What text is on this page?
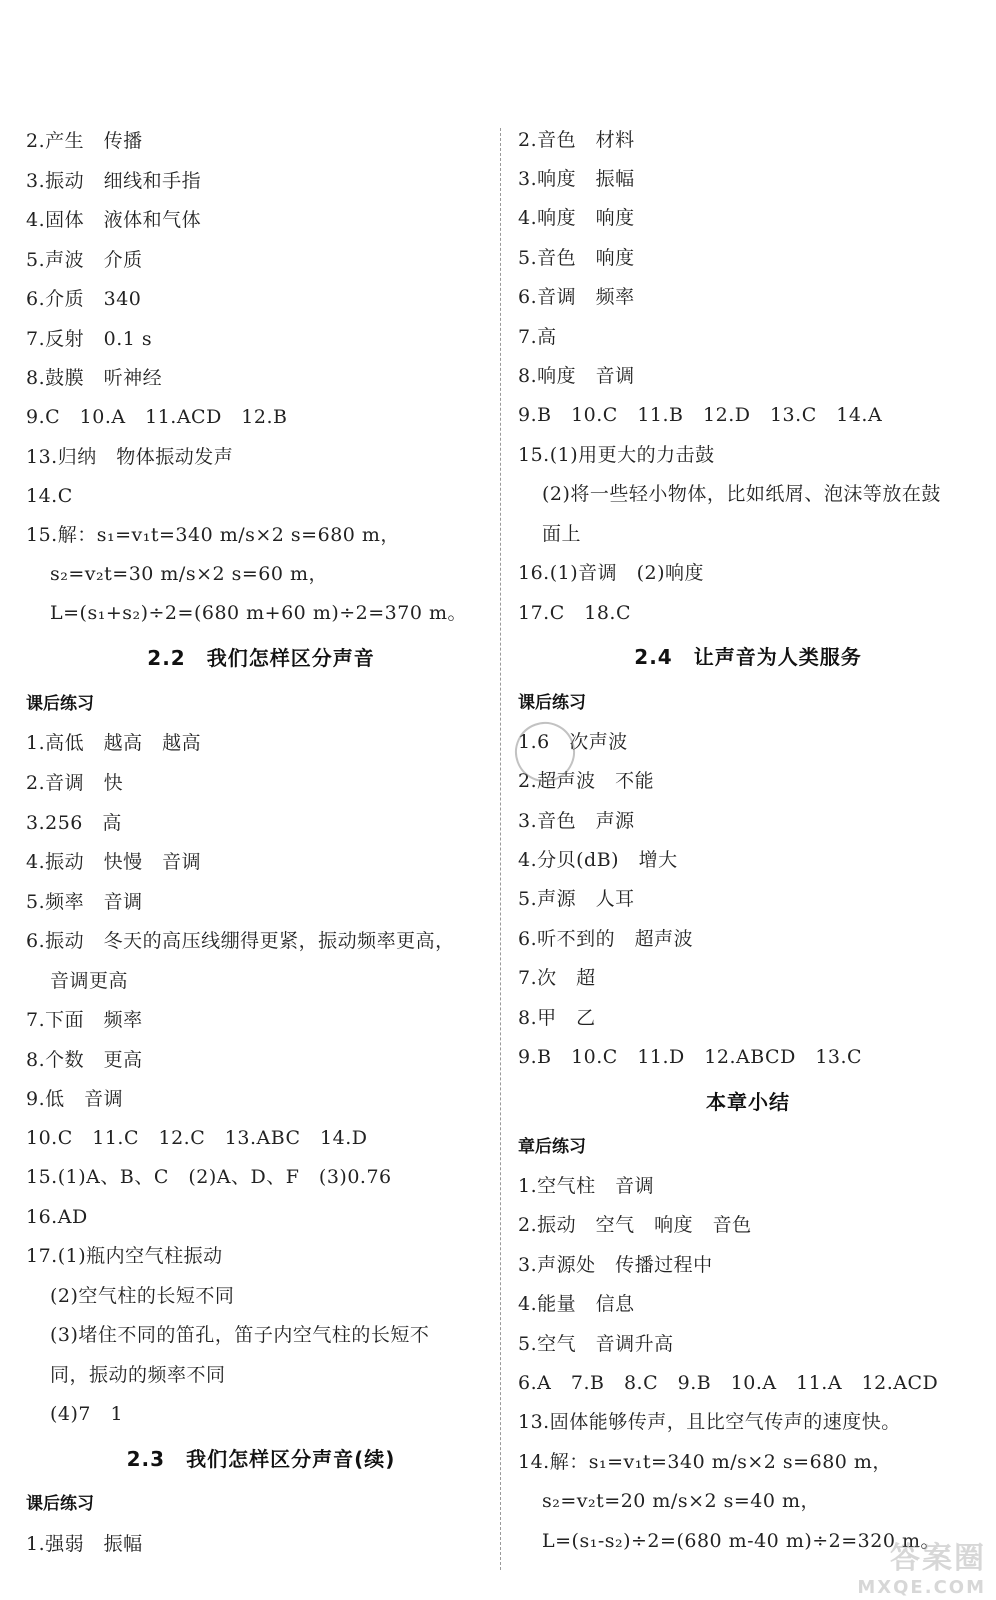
2.产生　传播
3.振动　细线和手指
4.固体　液体和气体
5.声波　介质
6.介质　340
7.反射　0.1 s
8.鼓膜　听神经
9.C　10.A　11.ACD　12.B
13.归纳　物体振动发声
14.C
15.解：s₁=v₁t=340 m/s×2 s=680 m，
s₂=v₂t=30 m/s×2 s=60 m，
L=(s₁+s₂)÷2=(680 m+60 m)÷2=370 m。
2.2　我们怎样区分声音
课后练习
1.高低　越高　越高
2.音调　快
3.256　高
4.振动　快慢　音调
5.频率　音调
6.振动　冬天的高压线绷得更紧，振动频率更高，
音调更高
7.下面　频率
8.个数　更高
9.低　音调
10.C　11.C　12.C　13.ABC　14.D
15.(1)A、B、C　(2)A、D、F　(3)0.76
16.AD
17.(1)瓶内空气柱振动
(2)空气柱的长短不同
(3)堵住不同的笛孔，笛子内空气柱的长短不
同，振动的频率不同
(4)7　1
2.3　我们怎样区分声音(续)
课后练习
1.强弱　振幅
2.音色　材料
3.响度　振幅
4.响度　响度
5.音色　响度
6.音调　频率
7.高
8.响度　音调
9.B　10.C　11.B　12.D　13.C　14.A
15.(1)用更大的力击鼓
(2)将一些轻小物体，比如纸屑、泡沫等放在鼓
面上
16.(1)音调　(2)响度
17.C　18.C
2.4　让声音为人类服务
课后练习
1.6　次声波
2.超声波　不能
3.音色　声源
4.分贝(dB)　增大
5.声源　人耳
6.听不到的　超声波
7.次　超
8.甲　乙
9.B　10.C　11.D　12.ABCD　13.C
本章小结
章后练习
1.空气柱　音调
2.振动　空气　响度　音色
3.声源处　传播过程中
4.能量　信息
5.空气　音调升高
6.A　7.B　8.C　9.B　10.A　11.A　12.ACD
13.固体能够传声，且比空气传声的速度快。
14.解：s₁=v₁t=340 m/s×2 s=680 m，
s₂=v₂t=20 m/s×2 s=40 m，
L=(s₁-s₂)÷2=(680 m-40 m)÷2=320 m。
答案圈
MXQE.COM
